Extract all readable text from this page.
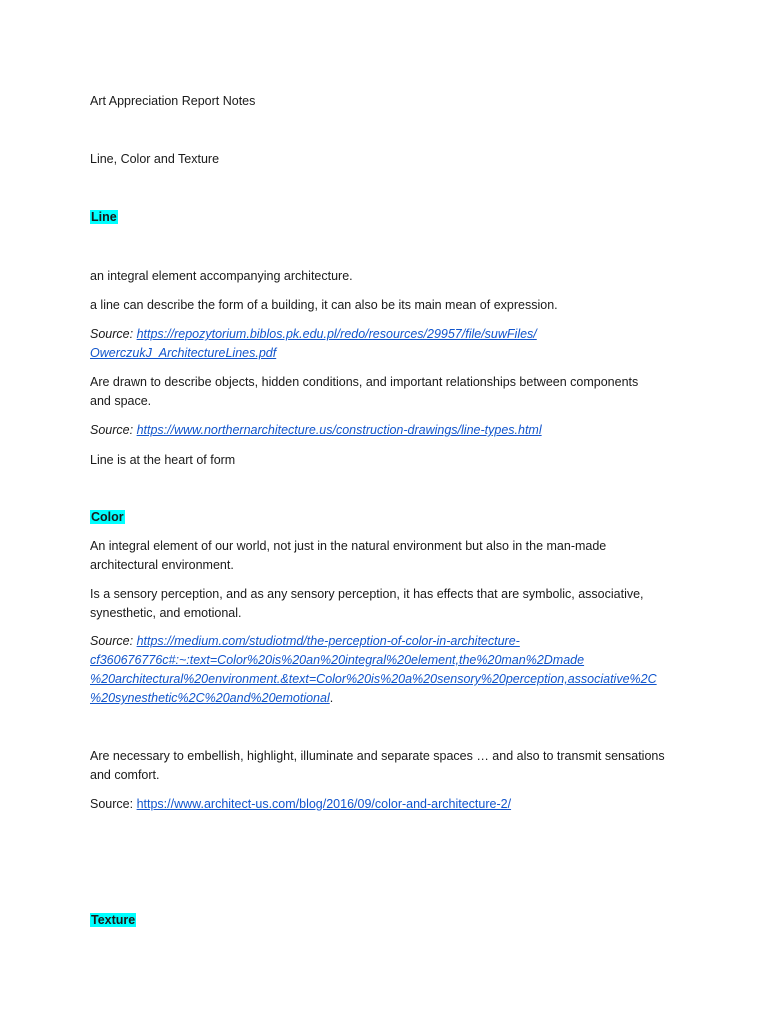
Art Appreciation Report Notes

Line, Color and Texture

Line

an integral element accompanying architecture.

a line can describe the form of a building, it can also be its main mean of expression.

Source: https://repozytorium.biblos.pk.edu.pl/redo/resources/29957/file/suwFiles/

OwerczukJ_ArchitectureLines.pdf

Are drawn to describe objects, hidden conditions, and important relationships between components

and space.

Source: https://www.northernarchitecture.us/construction-drawings/line-types.html

Line is at the heart of form

Color

An integral element of our world, not just in the natural environment but also in the man-made

architectural environment.

Is a sensory perception, and as any sensory perception, it has effects that are symbolic, associative,

synesthetic, and emotional.

Source: https://medium.com/studiotmd/the-perception-of-color-in-architecture-

cf360676776c#:~:text=Color%20is%20an%20integral%20element,the%20man%2Dmade

%20architectural%20environment.&text=Color%20is%20a%20sensory%20perception,associative%2C

%20synesthetic%2C%20and%20emotional.

Are necessary to embellish, highlight, illuminate and separate spaces … and also to transmit sensations

and comfort.

Source: https://www.architect-us.com/blog/2016/09/color-and-architecture-2/

Texture
